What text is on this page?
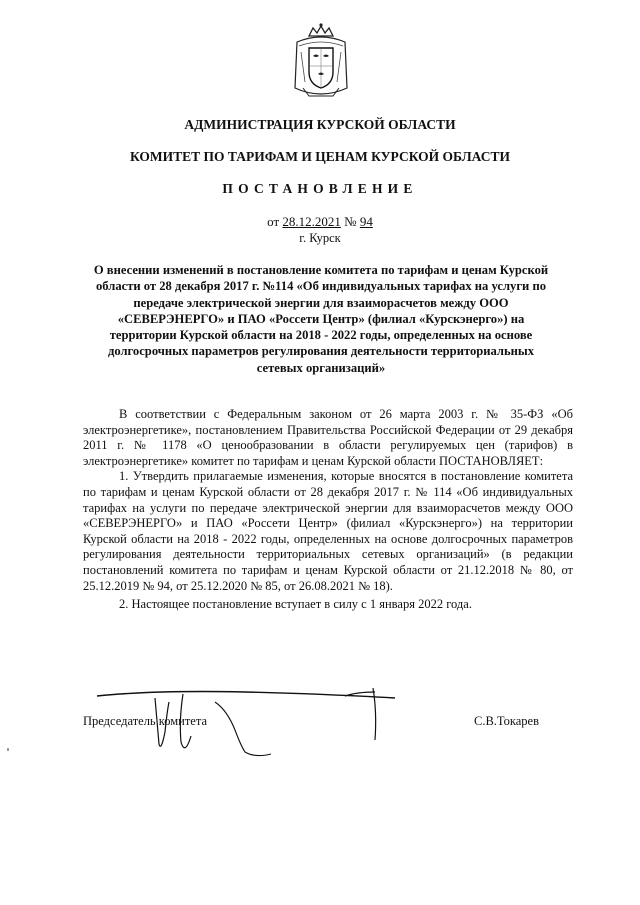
АДМИНИСТРАЦИЯ КУРСКОЙ ОБЛАСТИ
КОМИТЕТ ПО ТАРИФАМ И ЦЕНАМ КУРСКОЙ ОБЛАСТИ
ПОСТАНОВЛЕНИЕ
от 28.12.2021 № 94
г. Курск
О внесении изменений в постановление комитета по тарифам и ценам Курской области от 28 декабря 2017 г. №114 «Об индивидуальных тарифах на услуги по передаче электрической энергии для взаиморасчетов между ООО «СЕВЕРЭНЕРГО» и ПАО «Россети Центр» (филиал «Курскэнерго») на территории Курской области на 2018 - 2022 годы, определенных на основе долгосрочных параметров регулирования деятельности территориальных сетевых организаций»

В соответствии с Федеральным законом от 26 марта 2003 г. № 35-ФЗ «Об электроэнергетике», постановлением Правительства Российской Федерации от 29 декабря 2011 г. № 1178 «О ценообразовании в области регулируемых цен (тарифов) в электроэнергетике» комитет по тарифам и ценам Курской области ПОСТАНОВЛЯЕТ:

1. Утвердить прилагаемые изменения, которые вносятся в постановление комитета по тарифам и ценам Курской области от 28 декабря 2017 г. № 114 «Об индивидуальных тарифах на услуги по передаче электрической энергии для взаиморасчетов между ООО «СЕВЕРЭНЕРГО» и ПАО «Россети Центр» (филиал «Курскэнерго») на территории Курской области на 2018 - 2022 годы, определенных на основе долгосрочных параметров регулирования деятельности территориальных сетевых организаций» (в редакции постановлений комитета по тарифам и ценам Курской области от 21.12.2018 № 80, от 25.12.2019 № 94, от 25.12.2020 № 85, от 26.08.2021 № 18).

2. Настоящее постановление вступает в силу с 1 января 2022 года.

Председатель комитета	С.В.Токарев
